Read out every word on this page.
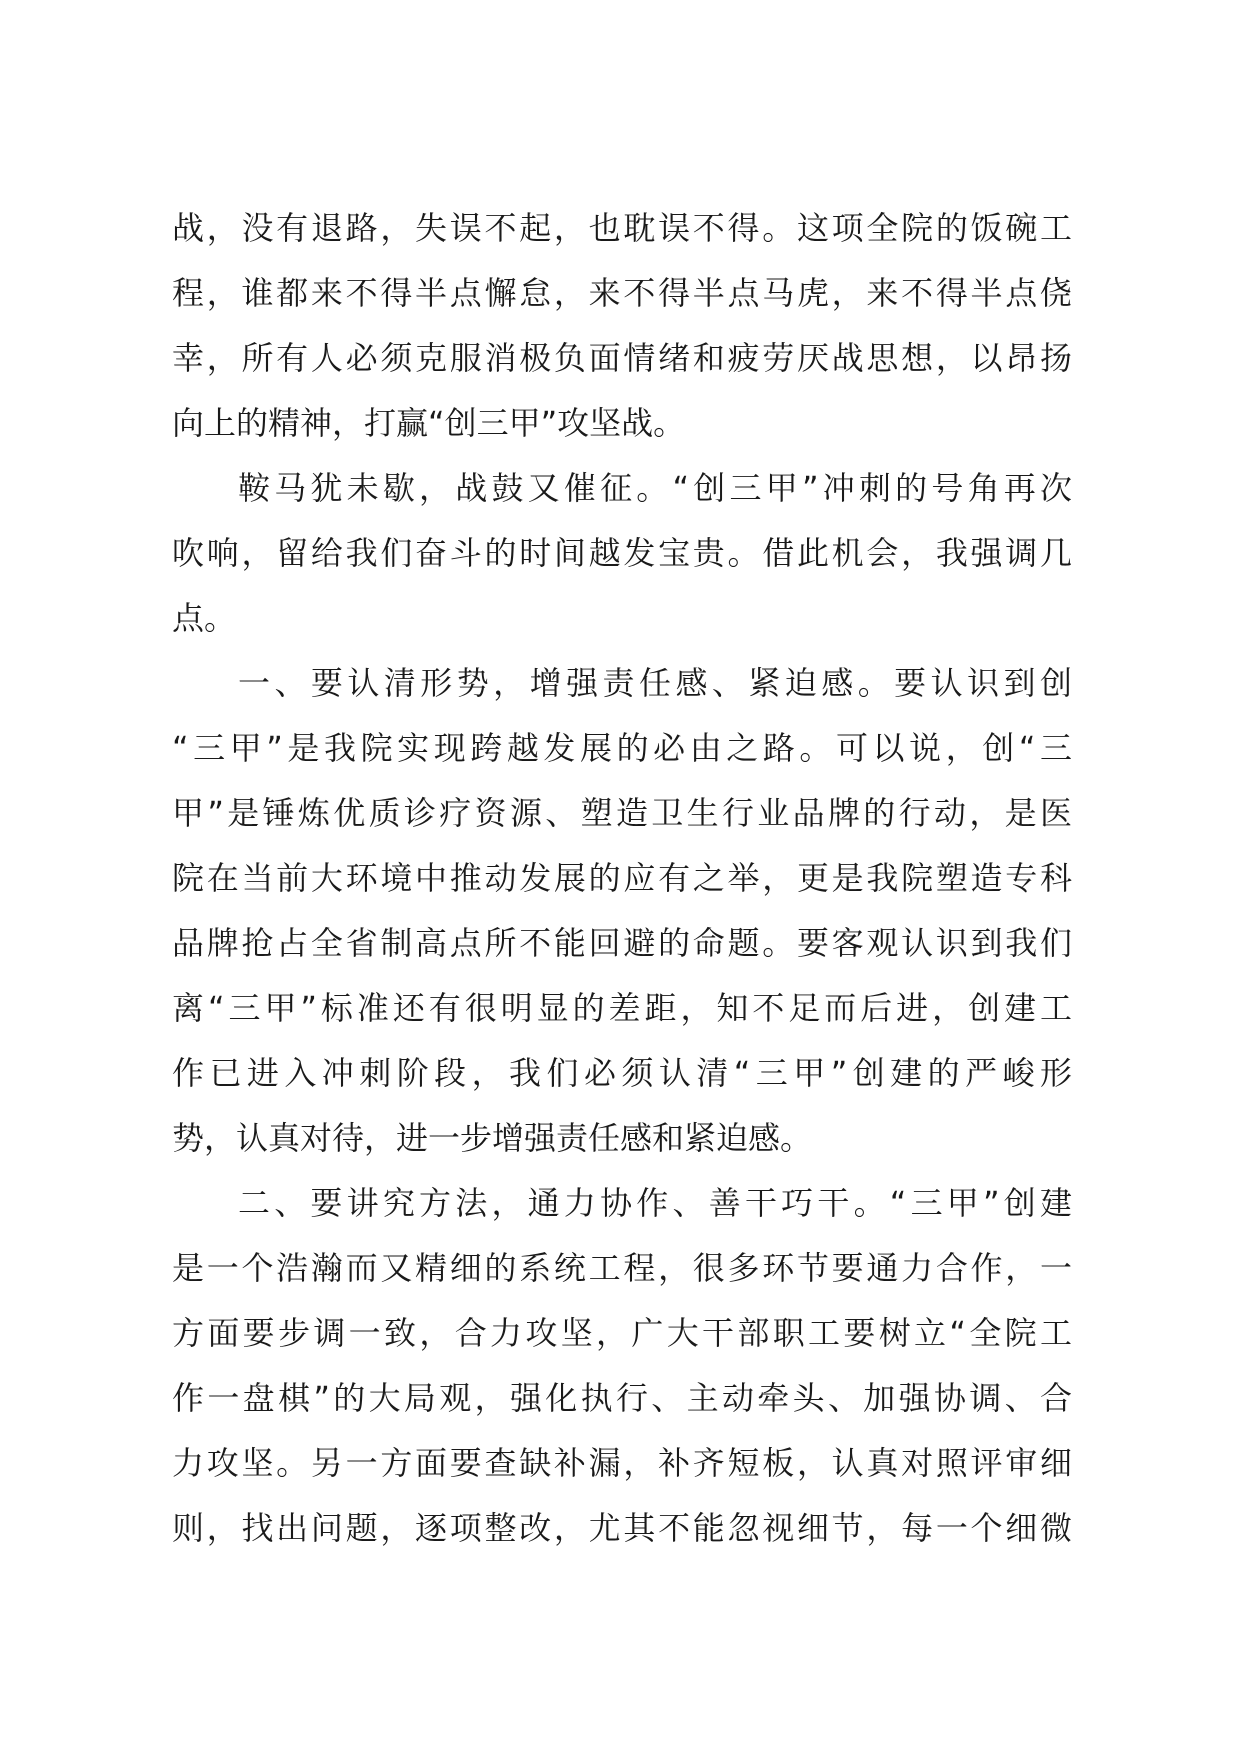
战，没有退路，失误不起，也耽误不得。这项全院的饭碗工
程，谁都来不得半点懈怠，来不得半点马虎，来不得半点侥
幸，所有人必须克服消极负面情绪和疲劳厌战思想，以昂扬
向上的精神，打赢“创三甲”攻坚战。
鞍马犹未歇，战鼓又催征。“创三甲”冲刺的号角再次
吹响，留给我们奋斗的时间越发宝贵。借此机会，我强调几
点。
一、要认清形势，增强责任感、紧迫感。要认识到创
“三甲”是我院实现跨越发展的必由之路。可以说，创“三
甲”是锤炼优质诊疗资源、塑造卫生行业品牌的行动，是医
院在当前大环境中推动发展的应有之举，更是我院塑造专科
品牌抢占全省制高点所不能回避的命题。要客观认识到我们
离“三甲”标准还有很明显的差距，知不足而后进，创建工
作已进入冲刺阶段，我们必须认清“三甲”创建的严峻形
势，认真对待，进一步增强责任感和紧迫感。
二、要讲究方法，通力协作、善干巧干。“三甲”创建
是一个浩瀚而又精细的系统工程，很多环节要通力合作，一
方面要步调一致，合力攻坚，广大干部职工要树立“全院工
作一盘棋”的大局观，强化执行、主动牵头、加强协调、合
力攻坚。另一方面要查缺补漏，补齐短板，认真对照评审细
则，找出问题，逐项整改，尤其不能忽视细节，每一个细微
